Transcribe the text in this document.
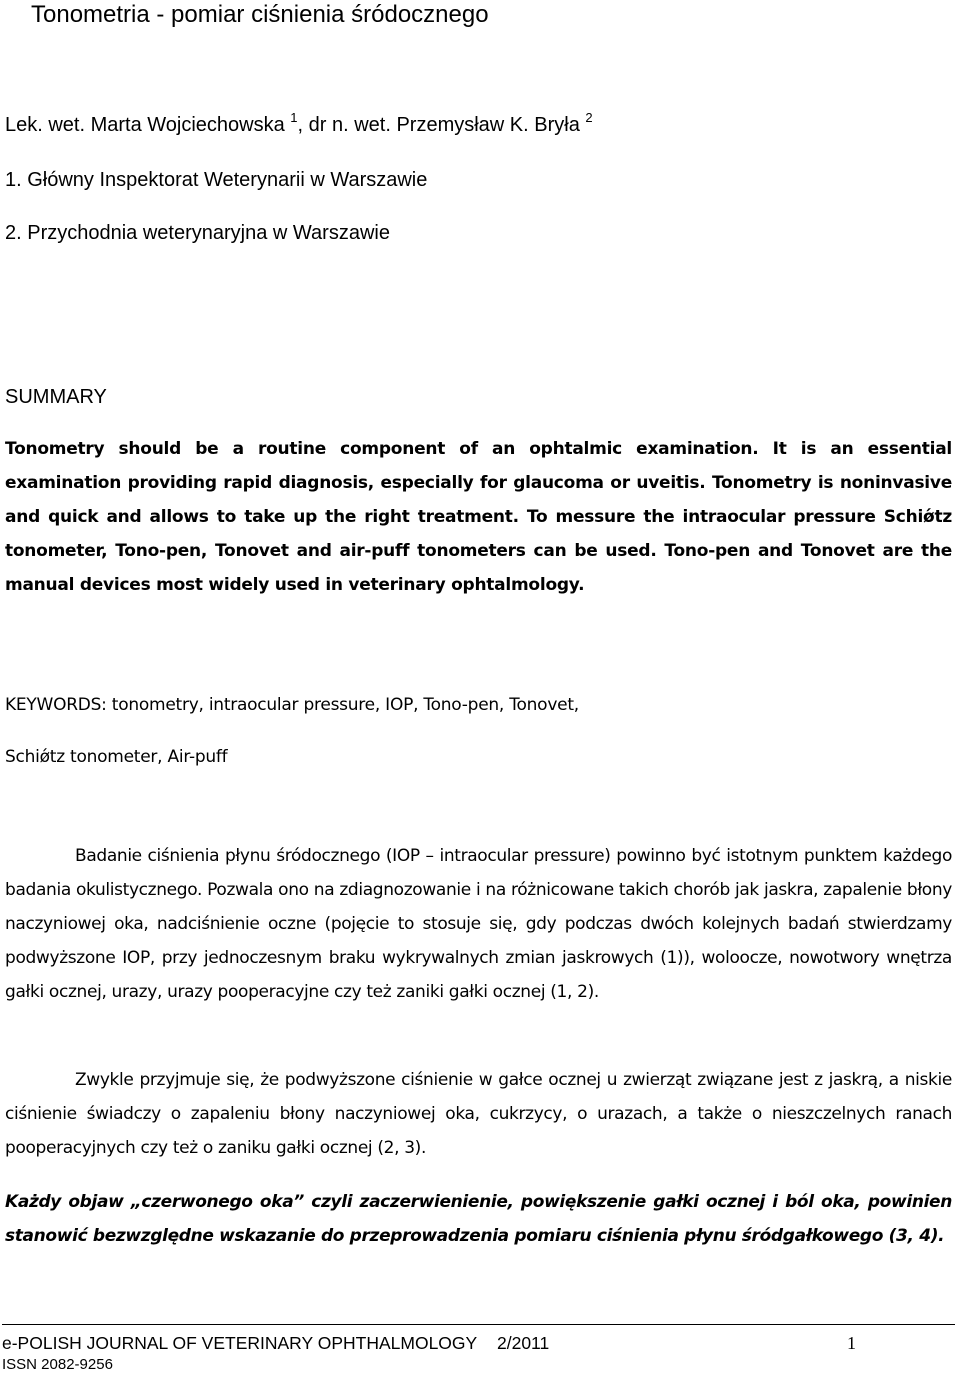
Tonometria - pomiar ciśnienia śródocznego
Lek. wet. Marta Wojciechowska $^1$, dr n. wet. Przemysław K. Bryła $^2$
1. Główny Inspektorat Weterynarii w Warszawie
2. Przychodnia weterynaryjna w Warszawie
SUMMARY
Tonometry should be a routine component of an ophtalmic examination. It is an essential examination providing rapid diagnosis, especially for glaucoma or uveitis. Tonometry is noninvasive and quick and allows to take up the right treatment. To messure the intraocular pressure Schiǿtz tonometer, Tono-pen, Tonovet and air-puff tonometers can be used. Tono-pen and Tonovet are the manual devices most widely used in veterinary ophtalmology.
KEYWORDS: tonometry, intraocular pressure, IOP, Tono-pen, Tonovet,
Schiǿtz tonometer, Air-puff
Badanie ciśnienia płynu śródocznego (IOP – intraocular pressure) powinno być istotnym punktem każdego badania okulistycznego. Pozwala ono na zdiagnozowanie i na różnicowane takich chorób jak jaskra, zapalenie błony naczyniowej oka, nadciśnienie oczne (pojęcie to stosuje się, gdy podczas dwóch kolejnych badań stwierdzamy podwyższone IOP, przy jednoczesnym braku wykrywalnych zmian jaskrowych (1)), woloocze, nowotwory wnętrza gałki ocznej, urazy, urazy pooperacyjne czy też zaniki gałki ocznej (1, 2).
Zwykle przyjmuje się, że podwyższone ciśnienie w gałce ocznej u zwierząt związane jest z jaskrą, a niskie ciśnienie świadczy o zapaleniu błony naczyniowej oka, cukrzycy, o urazach, a także o nieszczelnych ranach pooperacyjnych czy też o zaniku gałki ocznej (2, 3).
Każdy objaw „czerwonego oka” czyli zaczerwienienie, powiększenie gałki ocznej i ból oka, powinien stanowić bezwzględne wskazanie do przeprowadzenia pomiaru ciśnienia płynu śródgałkowego (3, 4).
e-POLISH JOURNAL OF VETERINARY OPHTHALMOLOGY 2/2011	1
ISSN 2082-9256
